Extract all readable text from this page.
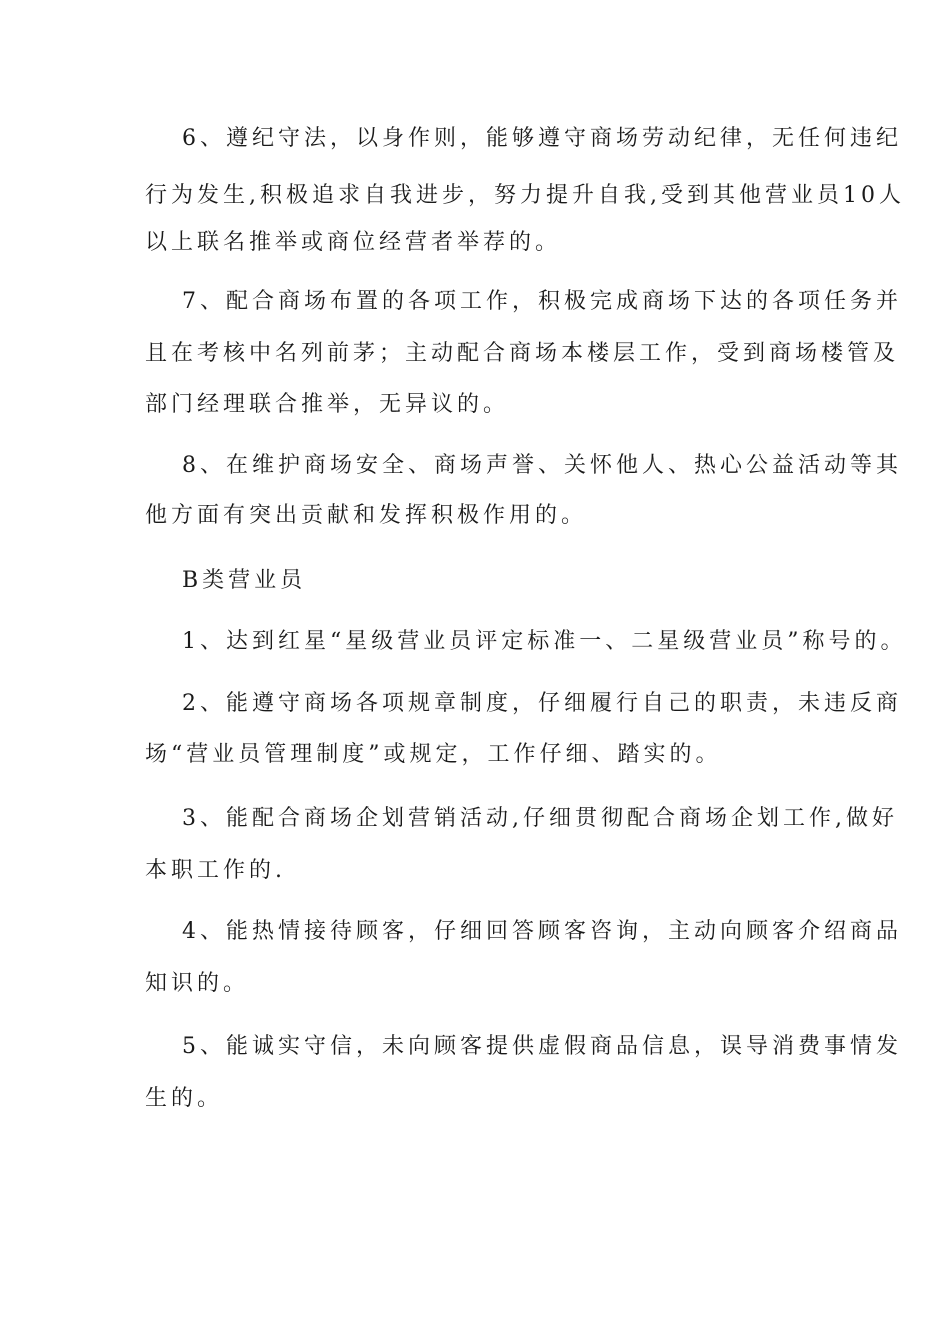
6、遵纪守法，以身作则，能够遵守商场劳动纪律，无任何违纪
行为发生,积极追求自我进步，努力提升自我,受到其他营业员10人
以上联名推举或商位经营者举荐的。
7、配合商场布置的各项工作，积极完成商场下达的各项任务并
且在考核中名列前茅；主动配合商场本楼层工作，受到商场楼管及
部门经理联合推举，无异议的。
8、在维护商场安全、商场声誉、关怀他人、热心公益活动等其
他方面有突出贡献和发挥积极作用的。
B类营业员
1、达到红星“星级营业员评定标准一、二星级营业员”称号的。
2、能遵守商场各项规章制度，仔细履行自己的职责，未违反商
场“营业员管理制度”或规定，工作仔细、踏实的。
3、能配合商场企划营销活动,仔细贯彻配合商场企划工作,做好
本职工作的.
4、能热情接待顾客，仔细回答顾客咨询，主动向顾客介绍商品
知识的。
5、能诚实守信，未向顾客提供虚假商品信息，误导消费事情发
生的。
